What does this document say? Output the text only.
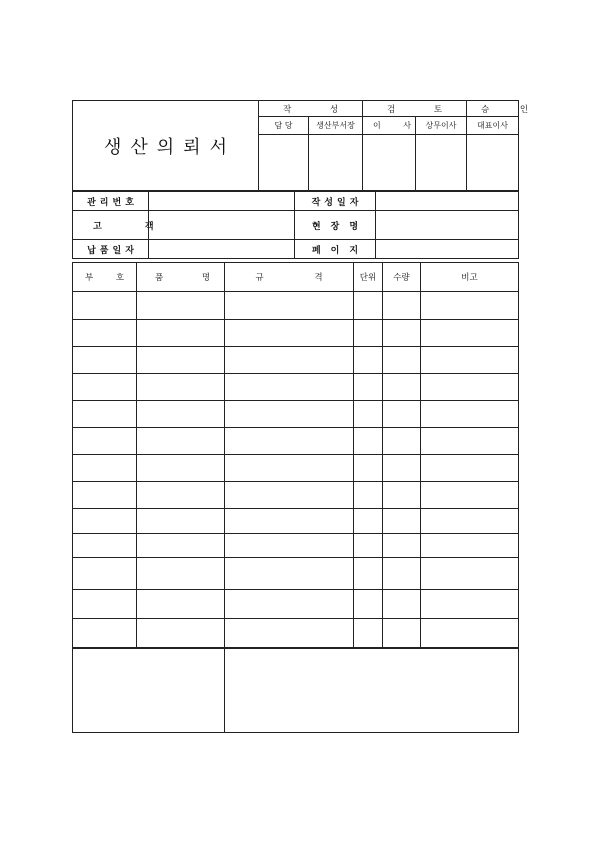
생산의뢰서	작 성		검 토		승 인
	담 당	생산부서장	이 사	상무이사	대표이사

관리번호		작성일자	
고 객		현장명	
납품일자		페이지	
부 호	품 명	규 격	단위	수량	비고
